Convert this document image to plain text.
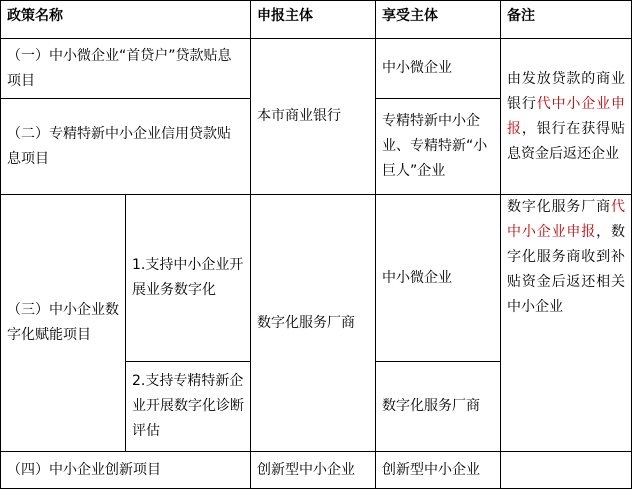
政策名称		申报主体	享受主体	备注
（一）中小微企业“首贷户”贷款贴息项目		本市商业银行	中小微企业	由发放贷款的商业银行代中小企业申报，银行在获得贴息资金后返还企业
（二）专精特新中小企业信用贷款贴息项目			专精特新中小企业、专精特新“小巨人”企业	
（三）中小企业数字化赋能项目	1.支持中小企业开展业务数字化	数字化服务厂商	中小微企业	数字化服务厂商代中小企业申报，数字化服务商收到补贴资金后返还相关中小企业
	2.支持专精特新企业开展数字化诊断评估		数字化服务厂商	
（四）中小企业创新项目		创新型中小企业	创新型中小企业	
